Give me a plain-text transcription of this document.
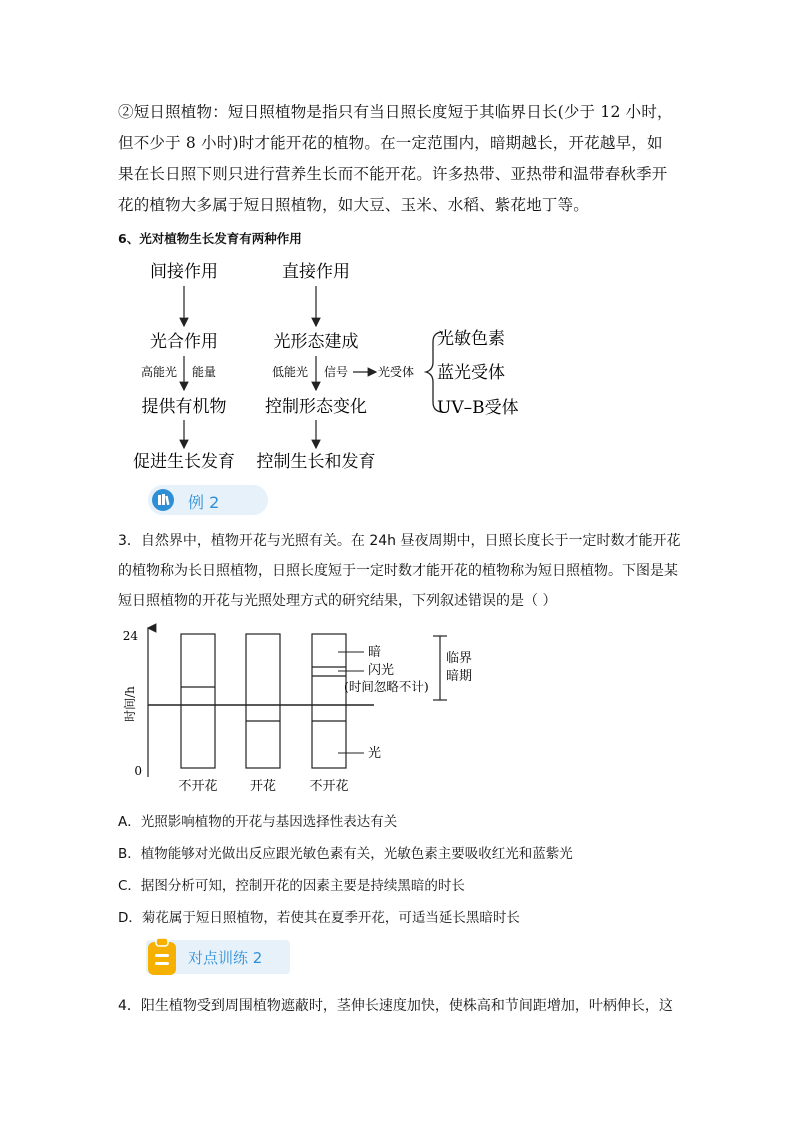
②短日照植物：短日照植物是指只有当日照长度短于其临界日长(少于 12 小时，
但不少于 8 小时)时才能开花的植物。在一定范围内，暗期越长，开花越早，如
果在长日照下则只进行营养生长而不能开花。许多热带、亚热带和温带春秋季开
花的植物大多属于短日照植物，如大豆、玉米、水稻、紫花地丁等。
6、光对植物生长发育有两种作用
间接作用
光合作用
高能光 能量
提供有机物
促进生长发育
直接作用
光形态建成
低能光 信号 光受体
控制形态变化
控制生长和发育
光敏色素
蓝光受体
UV–B受体
例 2
3．自然界中，植物开花与光照有关。在 24h 昼夜周期中，日照长度长于一定时数才能开花
的植物称为长日照植物，日照长度短于一定时数才能开花的植物称为短日照植物。下图是某
短日照植物的开花与光照处理方式的研究结果，下列叙述错误的是（ ）
24
0
时间/h
不开花 开花	不开花
暗
闪光
(时间忽略不计)
光
临界
暗期
A．光照影响植物的开花与基因选择性表达有关
B．植物能够对光做出反应跟光敏色素有关，光敏色素主要吸收红光和蓝紫光
C．据图分析可知，控制开花的因素主要是持续黑暗的时长
D．菊花属于短日照植物，若使其在夏季开花，可适当延长黑暗时长
对点训练 2
4．阳生植物受到周围植物遮蔽时，茎伸长速度加快，使株高和节间距增加，叶柄伸长，这
